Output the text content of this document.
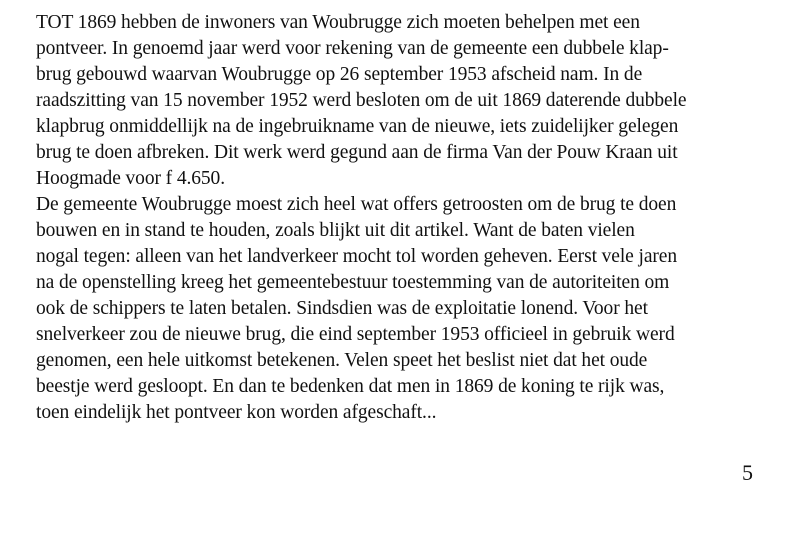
TOT 1869 hebben de inwoners van Woubrugge zich moeten behelpen met een
pontveer. In genoemd jaar werd voor rekening van de gemeente een dubbele klap-
brug gebouwd waarvan Woubrugge op 26 september 1953 afscheid nam. In de
raadszitting van 15 november 1952 werd besloten om de uit 1869 daterende dubbele
klapbrug onmiddellijk na de ingebruikname van de nieuwe, iets zuidelijker gelegen
brug te doen afbreken. Dit werk werd gegund aan de firma Van der Pouw Kraan uit
Hoogmade voor f 4.650.
De gemeente Woubrugge moest zich heel wat offers getroosten om de brug te doen
bouwen en in stand te houden, zoals blijkt uit dit artikel. Want de baten vielen
nogal tegen: alleen van het landverkeer mocht tol worden geheven. Eerst vele jaren
na de openstelling kreeg het gemeentebestuur toestemming van de autoriteiten om
ook de schippers te laten betalen. Sindsdien was de exploitatie lonend. Voor het
snelverkeer zou de nieuwe brug, die eind september 1953 officieel in gebruik werd
genomen, een hele uitkomst betekenen. Velen speet het beslist niet dat het oude
beestje werd gesloopt. En dan te bedenken dat men in 1869 de koning te rijk was,
toen eindelijk het pontveer kon worden afgeschaft...
5
